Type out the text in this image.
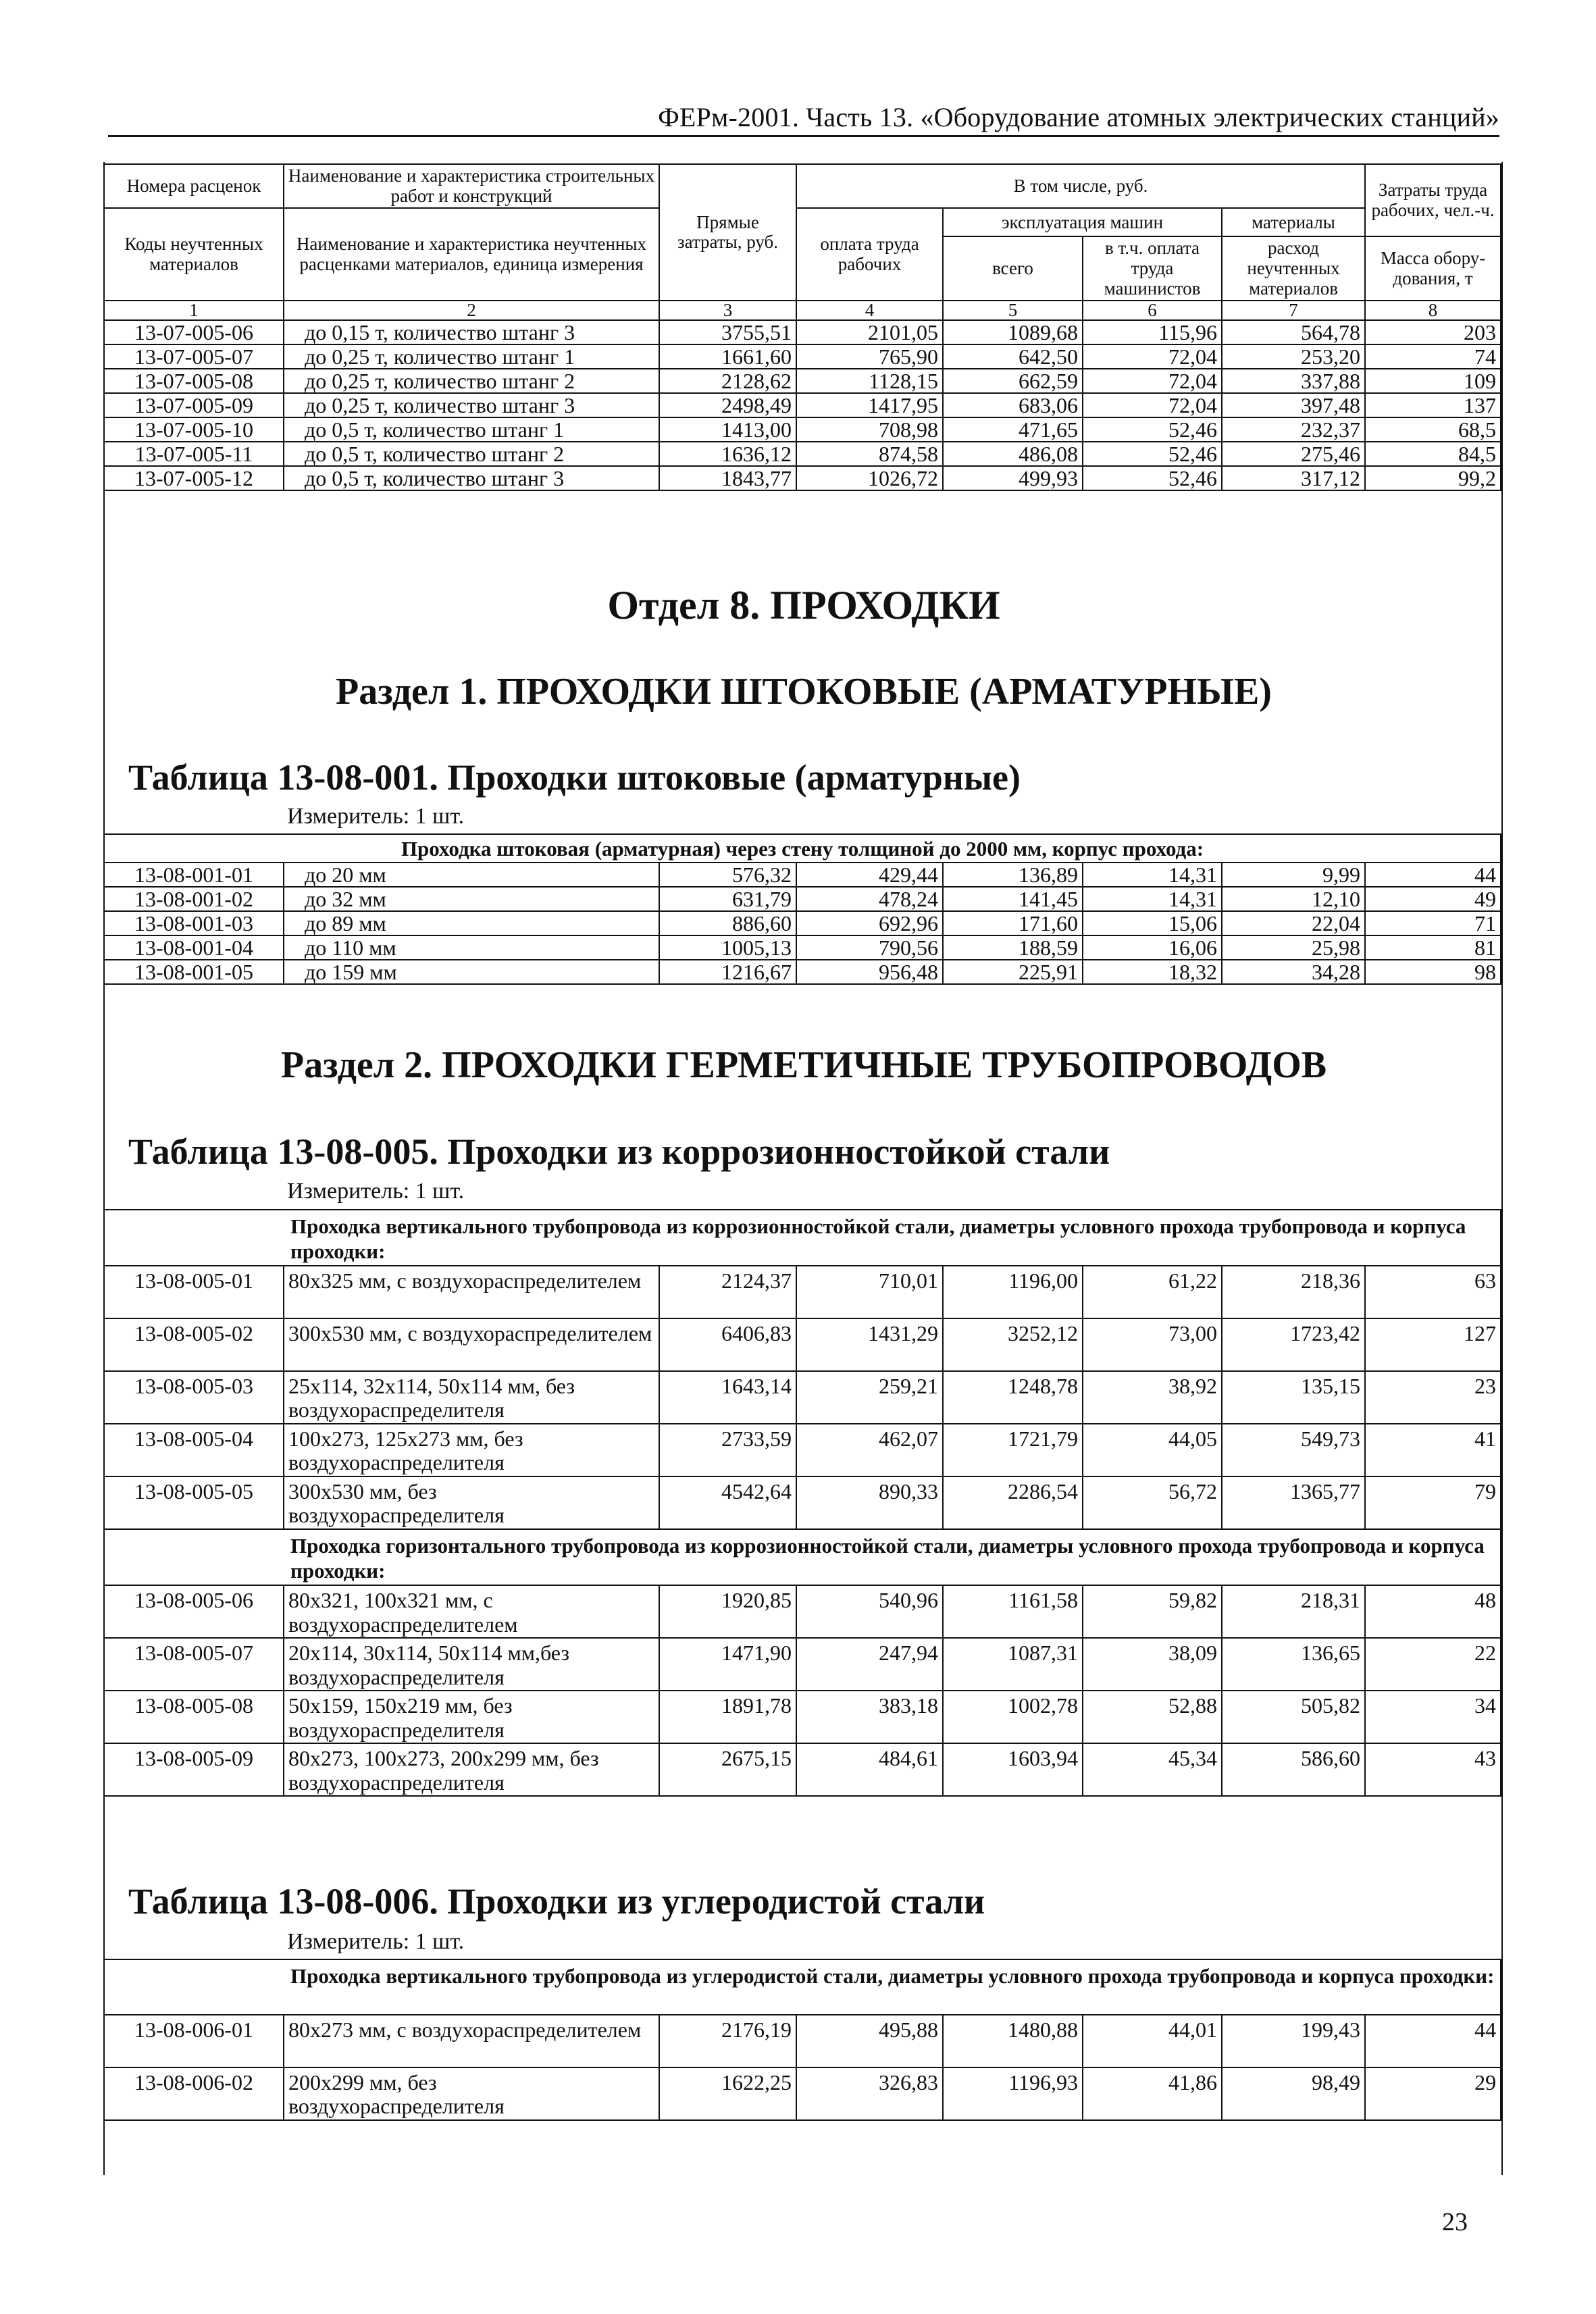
ФЕРм-2001. Часть 13. «Оборудование атомных электрических станций»
Номера расценок	Наименование и характеристика строительных работ и конструкций	Прямые затраты, руб.	В том числе, руб.				Затраты труда рабочих, чел.-ч.
Коды неучтенных материалов	Наименование и характеристика неучтенных расценками материалов, единица измерения		оплата труда рабочих	эксплуатация машин		материалы	
				всего	в т.ч. оплата труда машинистов	расход неучтенных материалов	Масса обору-дования, т
1	2	3	4	5	6	7	8
13-07-005-06	до 0,15 т, количество штанг 3	3755,51	2101,05	1089,68	115,96	564,78	203
13-07-005-07	до 0,25 т, количество штанг 1	1661,60	765,90	642,50	72,04	253,20	74
13-07-005-08	до 0,25 т, количество штанг 2	2128,62	1128,15	662,59	72,04	337,88	109
13-07-005-09	до 0,25 т, количество штанг 3	2498,49	1417,95	683,06	72,04	397,48	137
13-07-005-10	до 0,5 т, количество штанг 1	1413,00	708,98	471,65	52,46	232,37	68,5
13-07-005-11	до 0,5 т, количество штанг 2	1636,12	874,58	486,08	52,46	275,46	84,5
13-07-005-12	до 0,5 т, количество штанг 3	1843,77	1026,72	499,93	52,46	317,12	99,2
Отдел 8. ПРОХОДКИ
Раздел 1. ПРОХОДКИ ШТОКОВЫЕ (АРМАТУРНЫЕ)
Таблица 13-08-001. Проходки штоковые (арматурные)
Измеритель: 1 шт.
Проходка штоковая (арматурная) через стену толщиной до 2000 мм, корпус прохода:							
13-08-001-01	до 20 мм	576,32	429,44	136,89	14,31	9,99	44
13-08-001-02	до 32 мм	631,79	478,24	141,45	14,31	12,10	49
13-08-001-03	до 89 мм	886,60	692,96	171,60	15,06	22,04	71
13-08-001-04	до 110 мм	1005,13	790,56	188,59	16,06	25,98	81
13-08-001-05	до 159 мм	1216,67	956,48	225,91	18,32	34,28	98
Раздел 2. ПРОХОДКИ ГЕРМЕТИЧНЫЕ ТРУБОПРОВОДОВ
Таблица 13-08-005. Проходки из коррозионностойкой стали
Измеритель: 1 шт.
Проходка вертикального трубопровода из коррозионностойкой стали, диаметры условного прохода трубопровода и корпуса проходки:							
13-08-005-01	80х325 мм, с воздухораспределителем	2124,37	710,01	1196,00	61,22	218,36	63
13-08-005-02	300х530 мм, с воздухораспределителем	6406,83	1431,29	3252,12	73,00	1723,42	127
13-08-005-03	25х114, 32х114, 50х114 мм, без воздухораспределителя	1643,14	259,21	1248,78	38,92	135,15	23
13-08-005-04	100х273, 125х273 мм, без воздухораспределителя	2733,59	462,07	1721,79	44,05	549,73	41
13-08-005-05	300х530 мм, без воздухораспределителя	4542,64	890,33	2286,54	56,72	1365,77	79
Проходка горизонтального трубопровода из коррозионностойкой стали, диаметры условного прохода трубопровода и корпуса проходки:							
13-08-005-06	80х321, 100х321 мм, с воздухораспределителем	1920,85	540,96	1161,58	59,82	218,31	48
13-08-005-07	20х114, 30х114, 50х114 мм,без воздухораспределителя	1471,90	247,94	1087,31	38,09	136,65	22
13-08-005-08	50х159, 150х219 мм, без воздухораспределителя	1891,78	383,18	1002,78	52,88	505,82	34
13-08-005-09	80х273, 100х273, 200х299 мм, без воздухораспределителя	2675,15	484,61	1603,94	45,34	586,60	43
Таблица 13-08-006. Проходки из углеродистой стали
Измеритель: 1 шт.
Проходка вертикального трубопровода из углеродистой стали, диаметры условного прохода трубопровода и корпуса проходки:							
13-08-006-01	80х273 мм, с воздухораспределителем	2176,19	495,88	1480,88	44,01	199,43	44
13-08-006-02	200х299 мм, без воздухораспределителя	1622,25	326,83	1196,93	41,86	98,49	29
23
